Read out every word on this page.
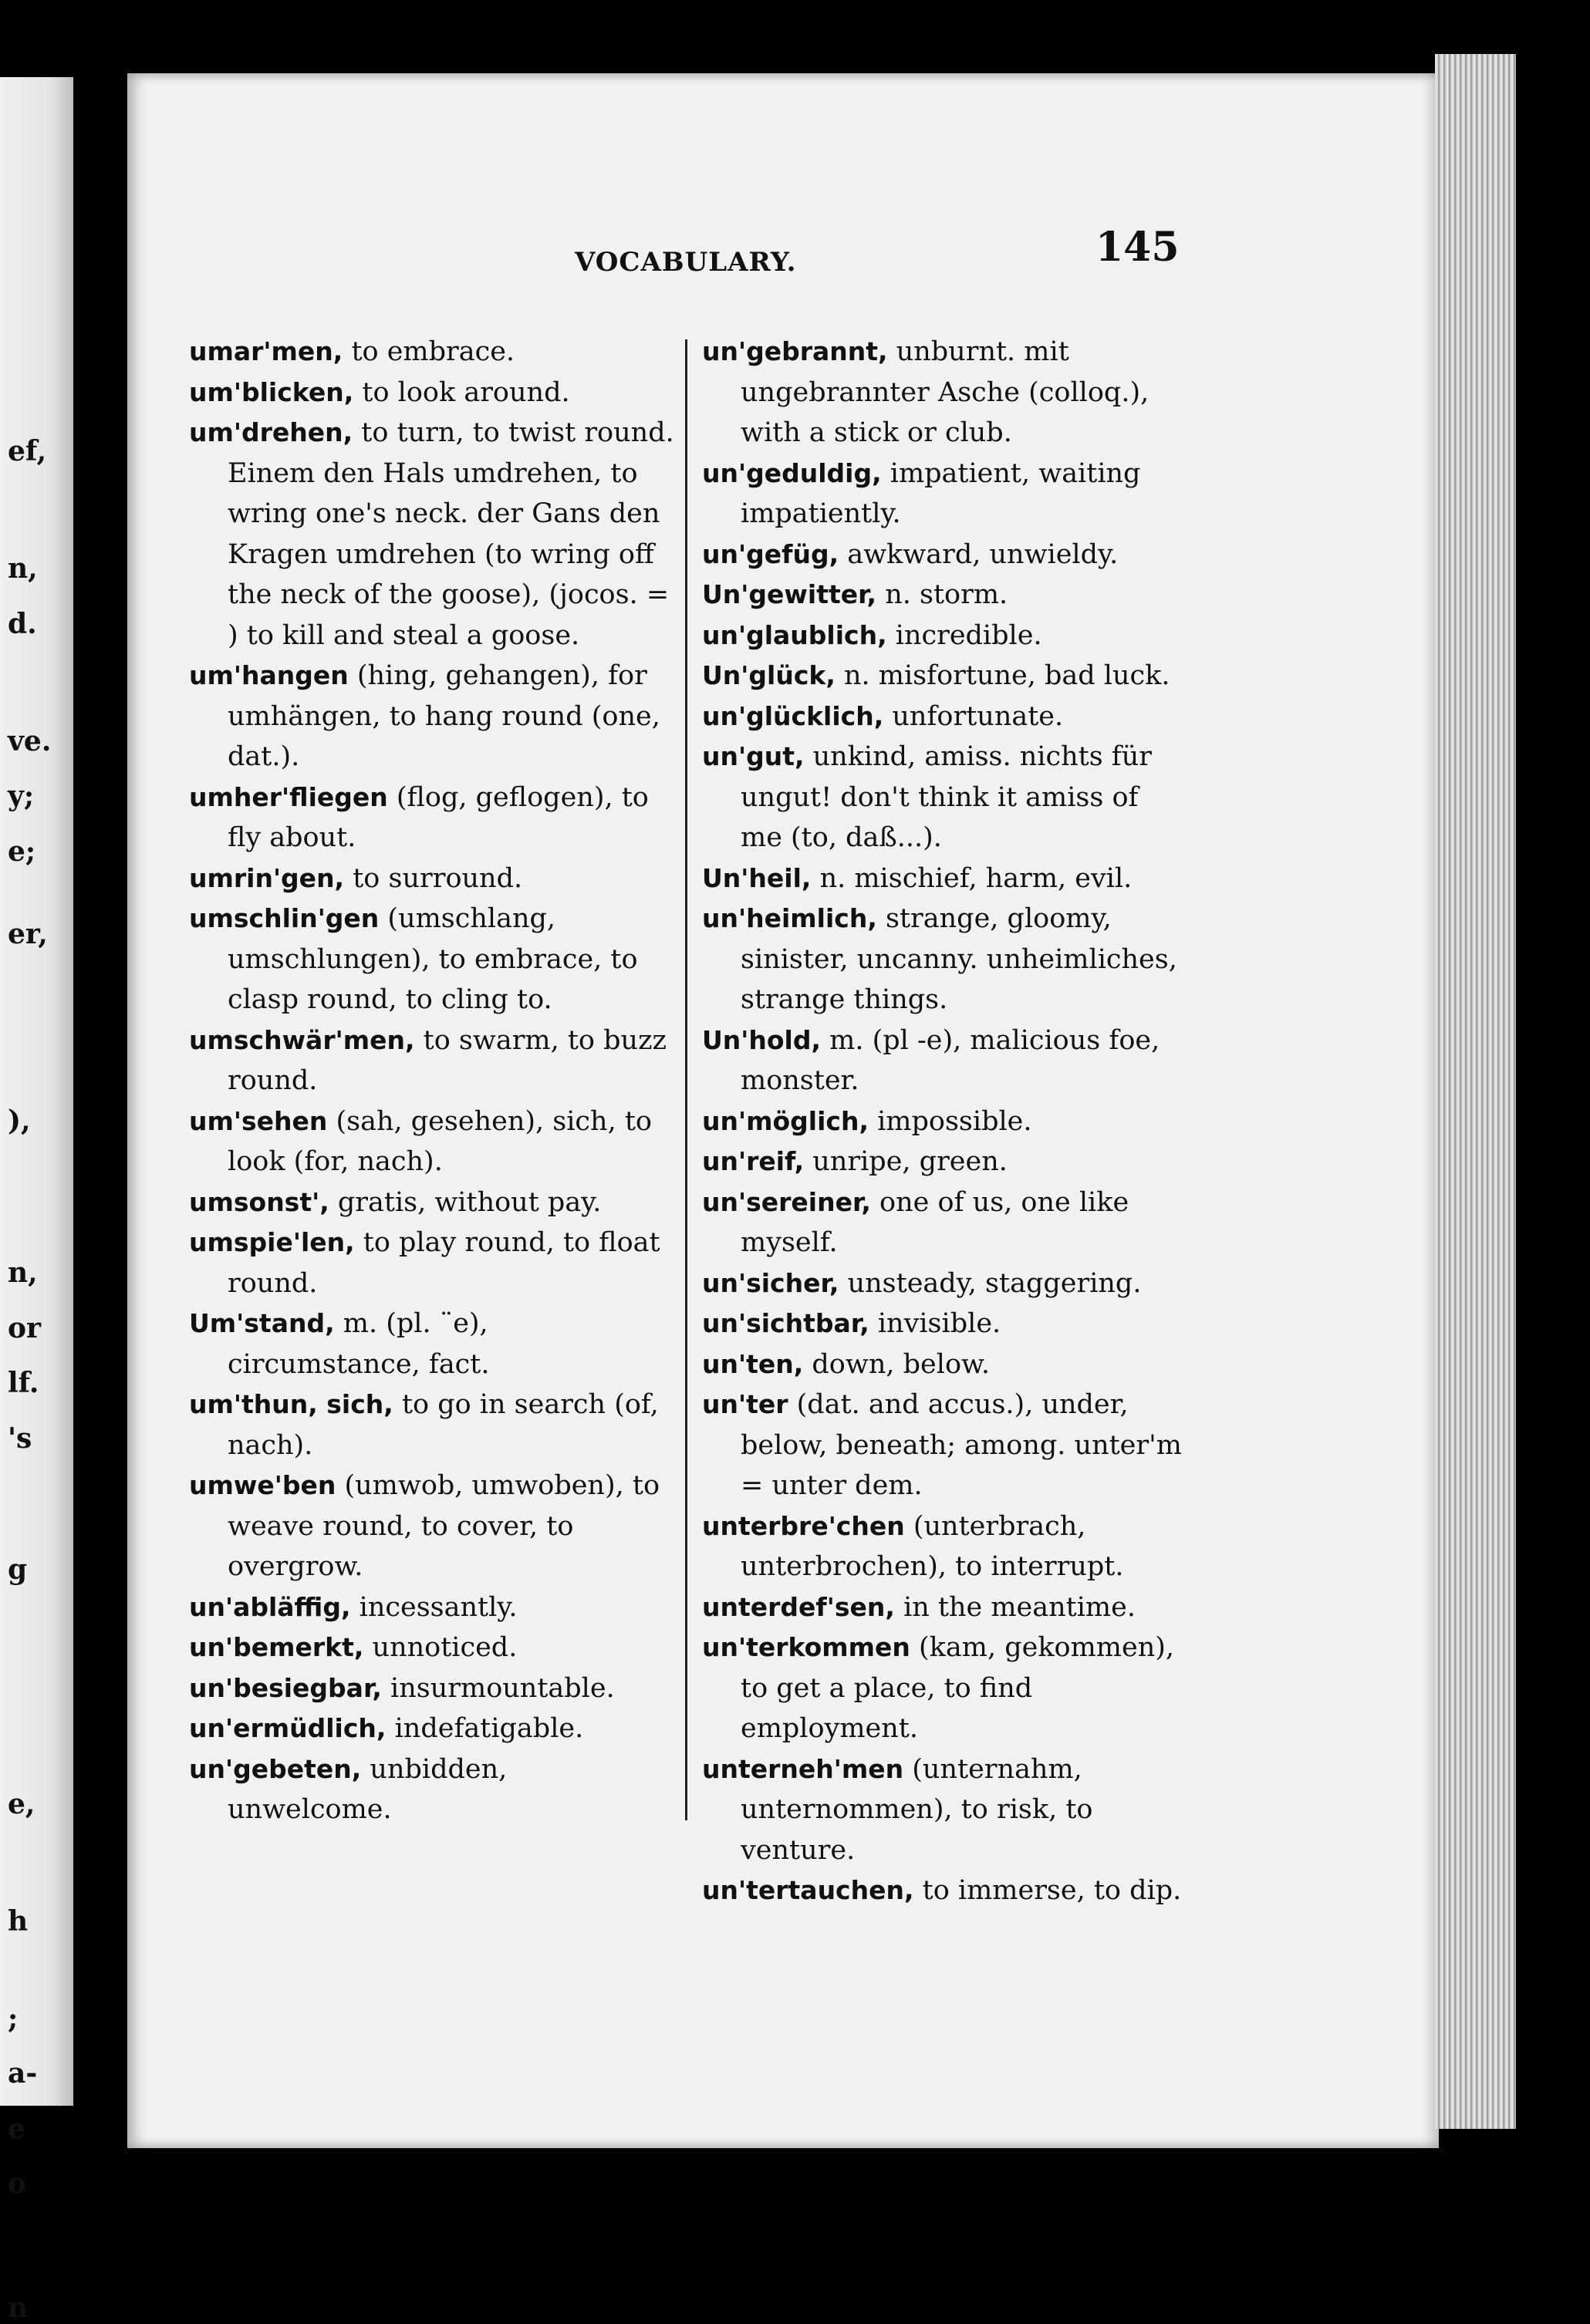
ef,
n,
d.
ve.
y;
e;
er,
),
n,
or
lf.
's
g
e,
h
;
a-
e
o
n
VOCABULARY.	145

umar'men, to embrace.

um'blicken, to look around.

um'drehen, to turn, to twist round. Einem den Hals umdrehen, to wring one's neck. der Gans den Kragen umdrehen (to wring off the neck of the goose), (jocos. = ) to kill and steal a goose.

um'hangen (hing, gehangen), for umhängen, to hang round (one, dat.).

umher'fliegen (flog, geflogen), to fly about.

umrin'gen, to surround.

umschlin'gen (umschlang, umschlungen), to embrace, to clasp round, to cling to.

umschwär'men, to swarm, to buzz round.

um'sehen (sah, gesehen), sich, to look (for, nach).

umsonst', gratis, without pay.

umspie'len, to play round, to float round.

Um'stand, m. (pl. ¨e), circumstance, fact.

um'thun, sich, to go in search (of, nach).

umwe'ben (umwob, umwoben), to weave round, to cover, to overgrow.

un'abläffig, incessantly.

un'bemerkt, unnoticed.

un'besiegbar, insurmountable.

un'ermüdlich, indefatigable.

un'gebeten, unbidden, unwelcome.

un'gebrannt, unburnt. mit ungebrannter Asche (colloq.), with a stick or club.

un'geduldig, impatient, waiting impatiently.

un'gefüg, awkward, unwieldy.

Un'gewitter, n. storm.

un'glaublich, incredible.

Un'glück, n. misfortune, bad luck.

un'glücklich, unfortunate.

un'gut, unkind, amiss. nichts für ungut! don't think it amiss of me (to, daß...).

Un'heil, n. mischief, harm, evil.

un'heimlich, strange, gloomy, sinister, uncanny. unheimliches, strange things.

Un'hold, m. (pl -e), malicious foe, monster.

un'möglich, impossible.

un'reif, unripe, green.

un'sereiner, one of us, one like myself.

un'sicher, unsteady, staggering.

un'sichtbar, invisible.

un'ten, down, below.

un'ter (dat. and accus.), under, below, beneath; among. unter'm = unter dem.

unterbre'chen (unterbrach, unterbrochen), to interrupt.

unterdef'sen, in the meantime.

un'terkommen (kam, gekommen), to get a place, to find employment.

unterneh'men (unternahm, unternommen), to risk, to venture.

un'tertauchen, to immerse, to dip.
